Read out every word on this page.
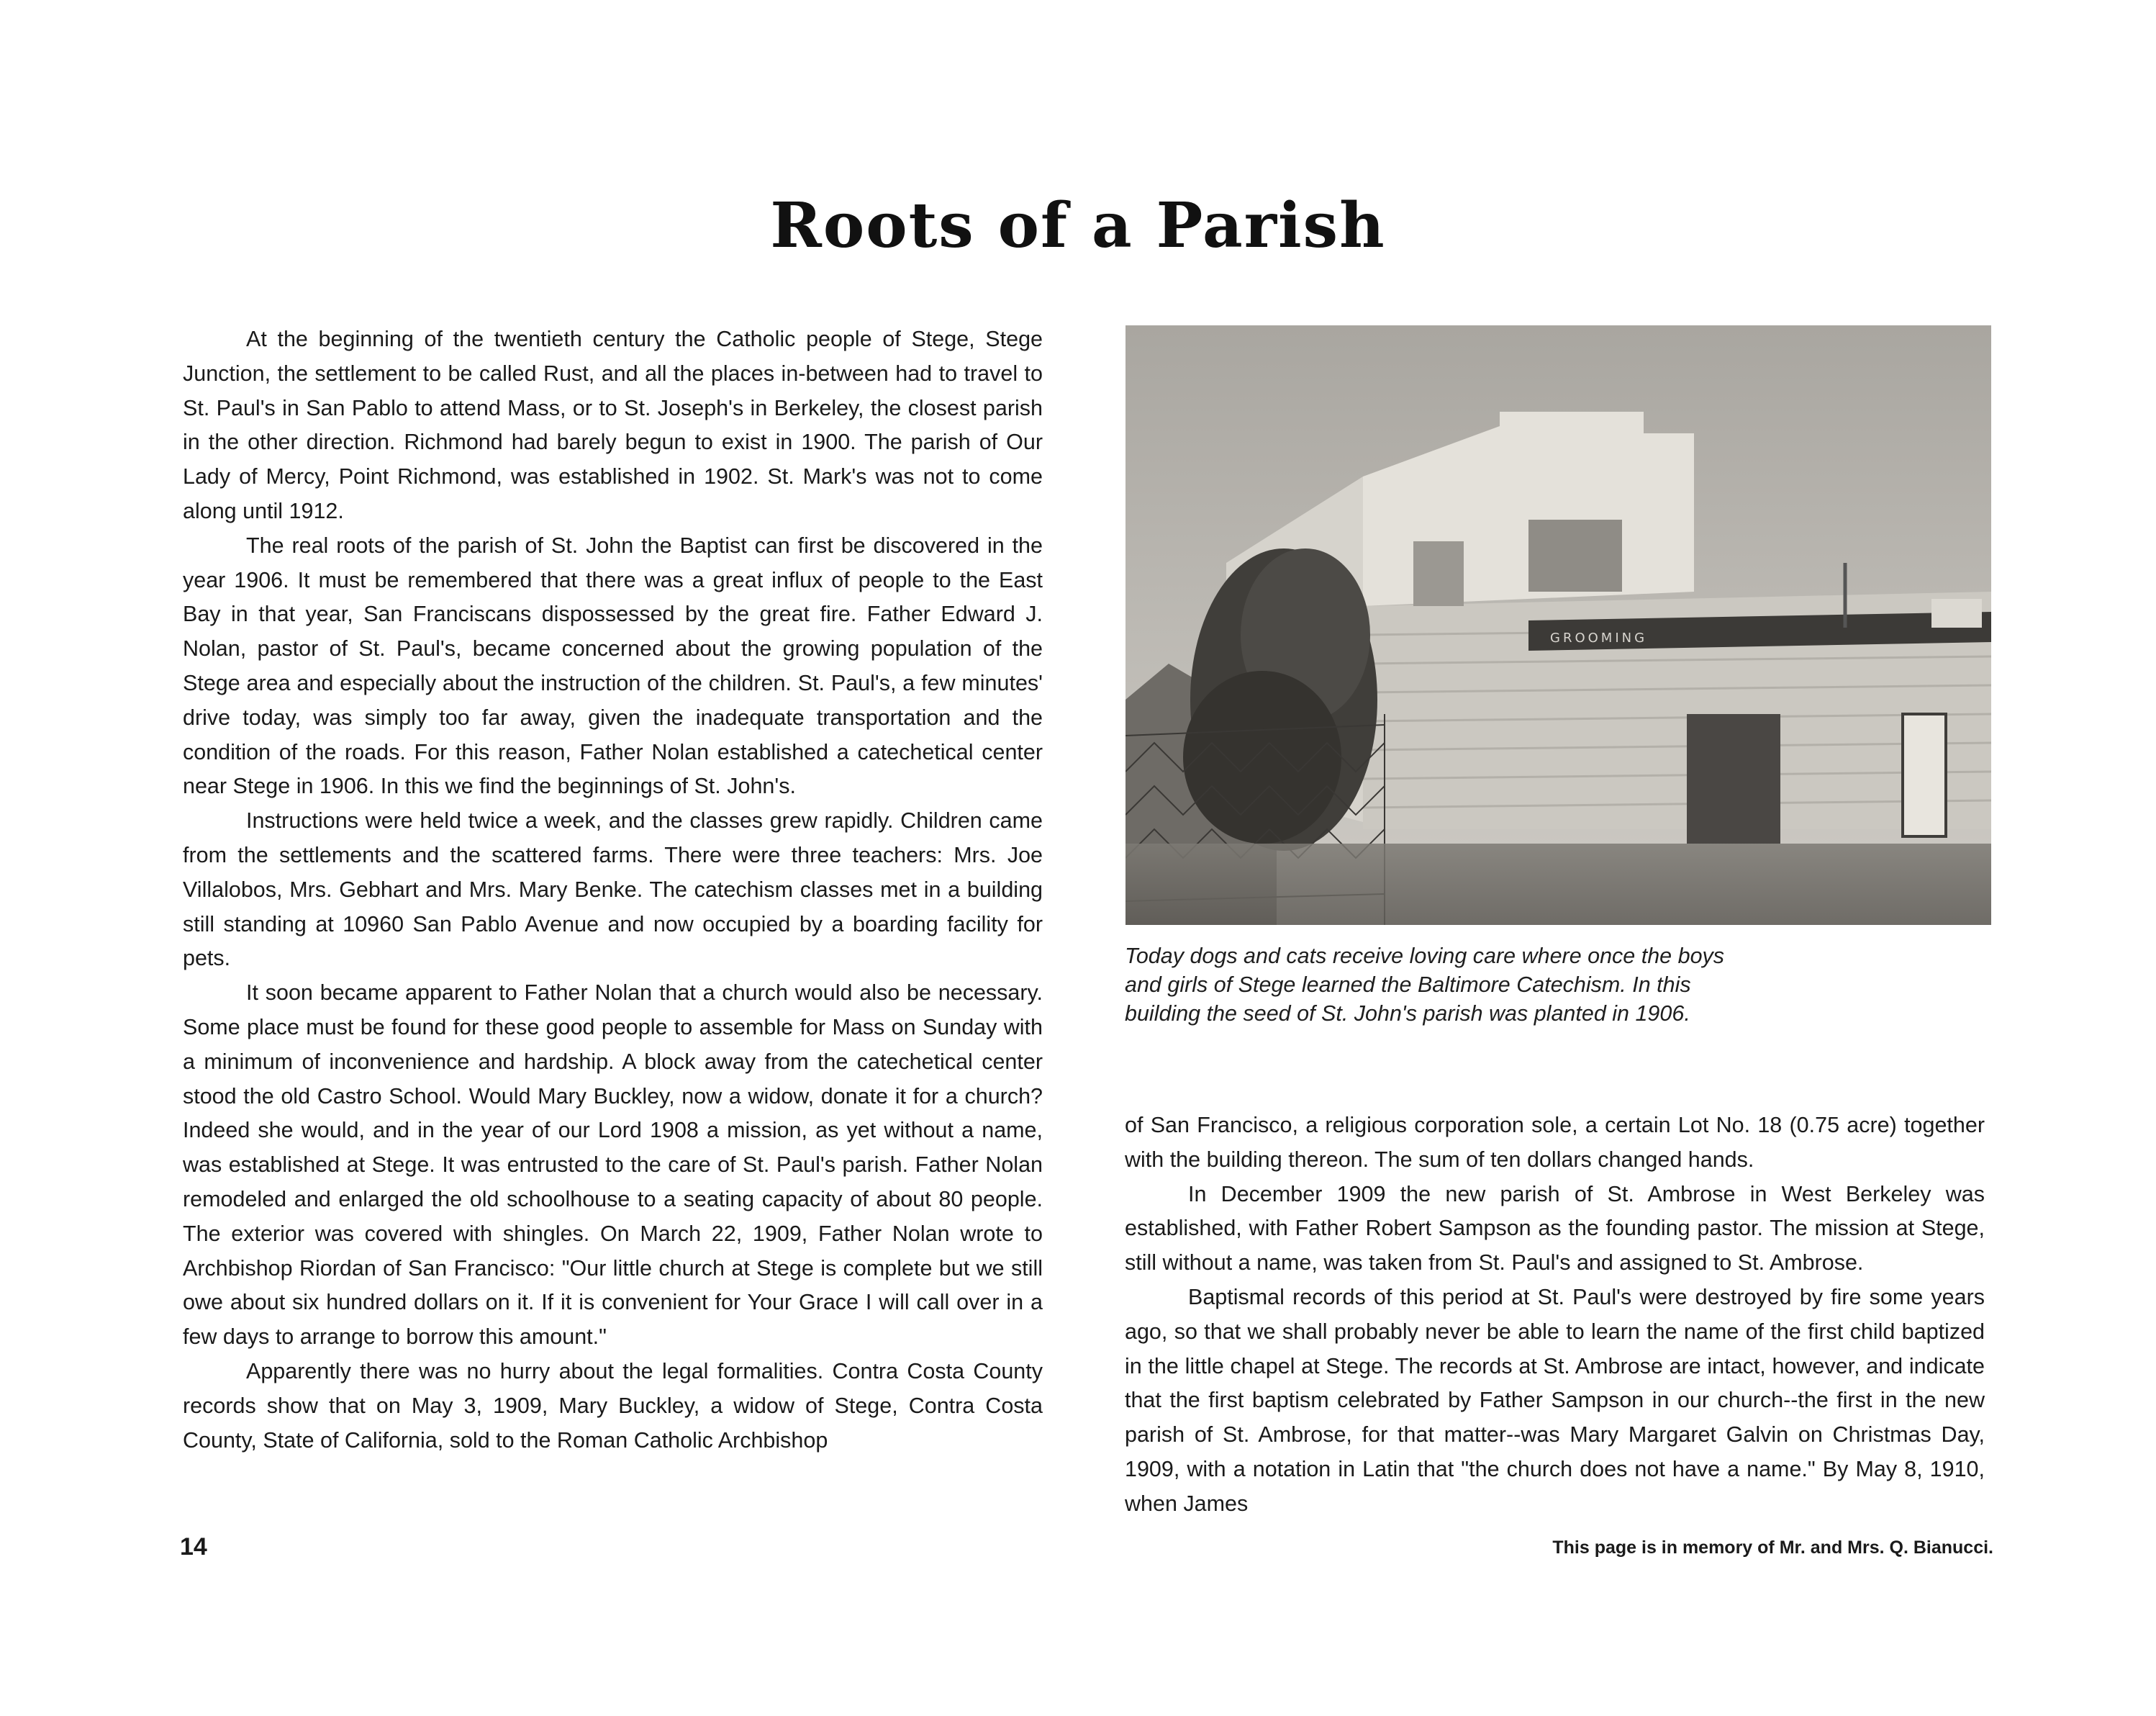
Roots of a Parish

At the beginning of the twentieth century the Catholic people of Stege, Stege Junction, the settlement to be called Rust, and all the places in-between had to travel to St. Paul's in San Pablo to attend Mass, or to St. Joseph's in Berkeley, the closest parish in the other direction. Richmond had barely begun to exist in 1900. The parish of Our Lady of Mercy, Point Richmond, was established in 1902. St. Mark's was not to come along until 1912.

The real roots of the parish of St. John the Baptist can first be discovered in the year 1906. It must be remembered that there was a great influx of people to the East Bay in that year, San Franciscans dispossessed by the great fire. Father Edward J. Nolan, pastor of St. Paul's, became concerned about the growing population of the Stege area and especially about the instruction of the children. St. Paul's, a few minutes' drive today, was simply too far away, given the inadequate transportation and the condition of the roads. For this reason, Father Nolan established a catechetical center near Stege in 1906. In this we find the beginnings of St. John's.

Instructions were held twice a week, and the classes grew rapidly. Children came from the settlements and the scattered farms. There were three teachers: Mrs. Joe Villalobos, Mrs. Gebhart and Mrs. Mary Benke. The catechism classes met in a building still standing at 10960 San Pablo Avenue and now occupied by a boarding facility for pets.

It soon became apparent to Father Nolan that a church would also be necessary. Some place must be found for these good people to assemble for Mass on Sunday with a minimum of inconvenience and hardship. A block away from the catechetical center stood the old Castro School. Would Mary Buckley, now a widow, donate it for a church? Indeed she would, and in the year of our Lord 1908 a mission, as yet without a name, was established at Stege. It was entrusted to the care of St. Paul's parish. Father Nolan remodeled and enlarged the old schoolhouse to a seating capacity of about 80 people. The exterior was covered with shingles. On March 22, 1909, Father Nolan wrote to Archbishop Riordan of San Francisco: "Our little church at Stege is complete but we still owe about six hundred dollars on it. If it is convenient for Your Grace I will call over in a few days to arrange to borrow this amount."

Apparently there was no hurry about the legal formalities. Contra Costa County records show that on May 3, 1909, Mary Buckley, a widow of Stege, Contra Costa County, State of California, sold to the Roman Catholic Archbishop

GROOMING
Today dogs and cats receive loving care where once the boys
and girls of Stege learned the Baltimore Catechism. In this
building the seed of St. John's parish was planted in 1906.

of San Francisco, a religious corporation sole, a certain Lot No. 18 (0.75 acre) together with the building thereon. The sum of ten dollars changed hands.

In December 1909 the new parish of St. Ambrose in West Berkeley was established, with Father Robert Sampson as the founding pastor. The mission at Stege, still without a name, was taken from St. Paul's and assigned to St. Ambrose.

Baptismal records of this period at St. Paul's were destroyed by fire some years ago, so that we shall probably never be able to learn the name of the first child baptized in the little chapel at Stege. The records at St. Ambrose are intact, however, and indicate that the first baptism celebrated by Father Sampson in our church--the first in the new parish of St. Ambrose, for that matter--was Mary Margaret Galvin on Christmas Day, 1909, with a notation in Latin that "the church does not have a name." By May 8, 1910, when James

14	This page is in memory of Mr. and Mrs. Q. Bianucci.
